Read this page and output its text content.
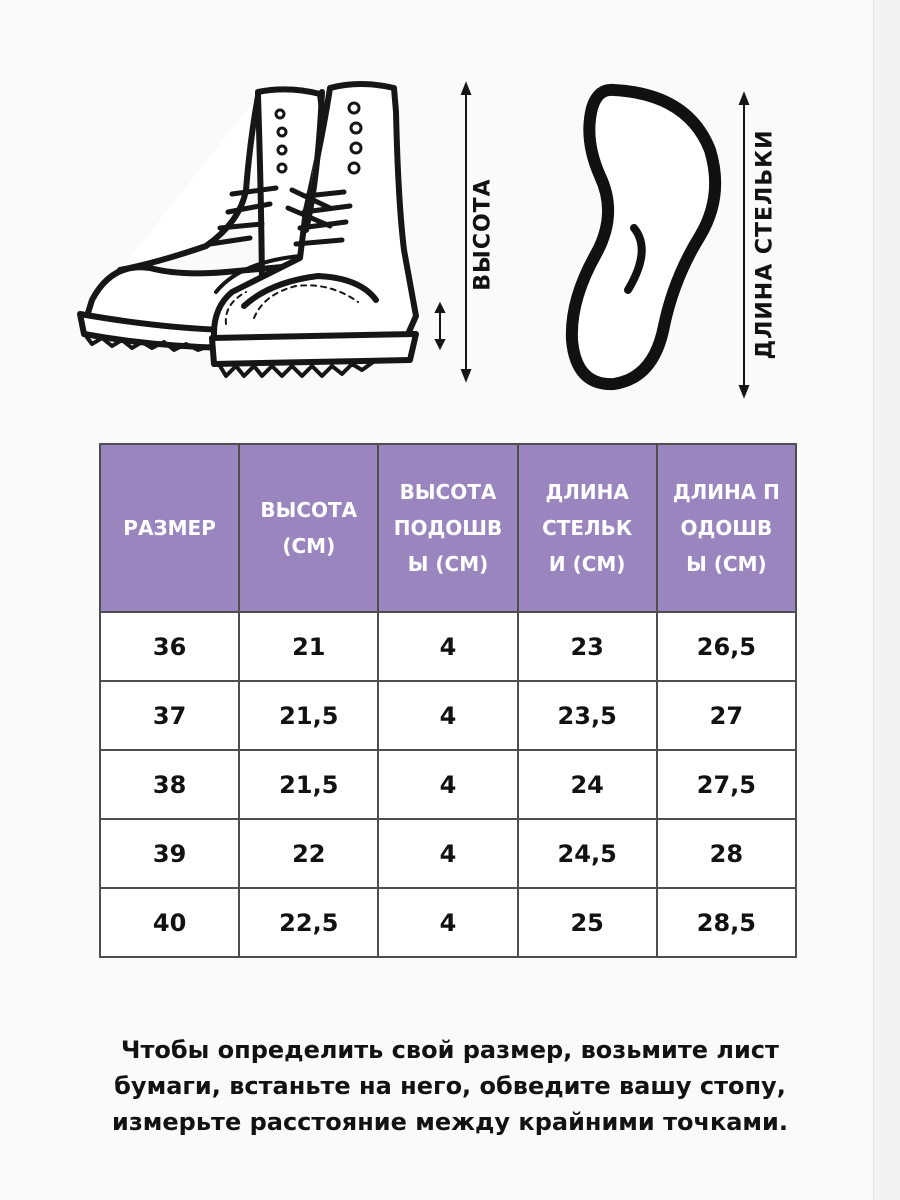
ВЫСОТА	ДЛИНА СТЕЛЬКИ
РАЗМЕР	ВЫСОТА (СМ)	ВЫСОТА ПОДОШВЫ (СМ)	ДЛИНА СТЕЛЬКИ (СМ)	ДЛИНА ПОДОШВЫ (СМ)
36	21	4	23	26,5
37	21,5	4	23,5	27
38	21,5	4	24	27,5
39	22	4	24,5	28
40	22,5	4	25	28,5
Чтобы определить свой размер, возьмите лист
бумаги, встаньте на него, обведите вашу стопу,
измерьте расстояние между крайними точками.
